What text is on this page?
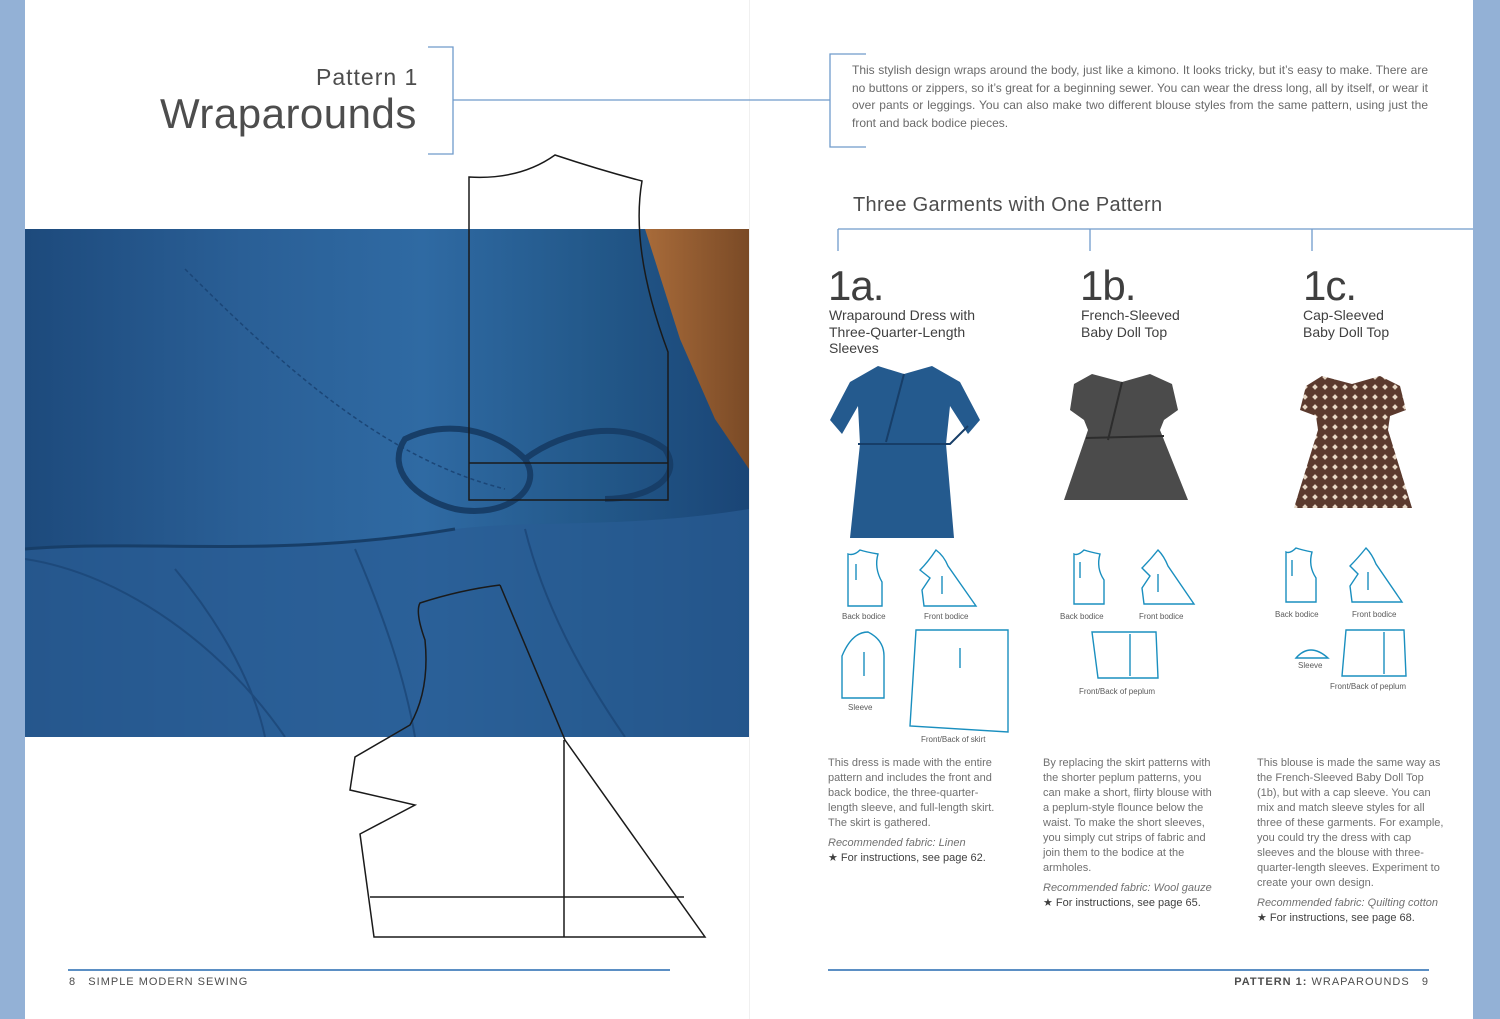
Pattern 1
Wraparounds
This stylish design wraps around the body, just like a kimono. It looks tricky, but it’s easy to make. There are no buttons or zippers, so it’s great for a beginning sewer. You can wear the dress long, all by itself, or wear it over pants or leggings. You can also make two different blouse styles from the same pattern, using just the front and back bodice pieces.
Three Garments with One Pattern
1a.
Wraparound Dress with
Three-Quarter-Length
Sleeves
Back bodice	Front bodice
Sleeve
Front/Back of skirt

This dress is made with the entire pattern and includes the front and back bodice, the three-quarter-length sleeve, and full-length skirt. The skirt is gathered.

Recommended fabric: Linen

★ For instructions, see page 62.

1b.
French-Sleeved
Baby Doll Top
Back bodice	Front bodice
Front/Back of peplum

By replacing the skirt patterns with the shorter peplum patterns, you can make a short, flirty blouse with a peplum-style flounce below the waist. To make the short sleeves, you simply cut strips of fabric and join them to the bodice at the armholes.

Recommended fabric: Wool gauze

★ For instructions, see page 65.

1c.
Cap-Sleeved
Baby Doll Top
Back bodice	Front bodice
Sleeve
Front/Back of peplum

This blouse is made the same way as the French-Sleeved Baby Doll Top (1b), but with a cap sleeve. You can mix and match sleeve styles for all three of these garments. For example, you could try the dress with cap sleeves and the blouse with three-quarter-length sleeves. Experiment to create your own design.

Recommended fabric: Quilting cotton

★ For instructions, see page 68.

8 SIMPLE MODERN SEWING	PATTERN 1: WRAPAROUNDS 9
